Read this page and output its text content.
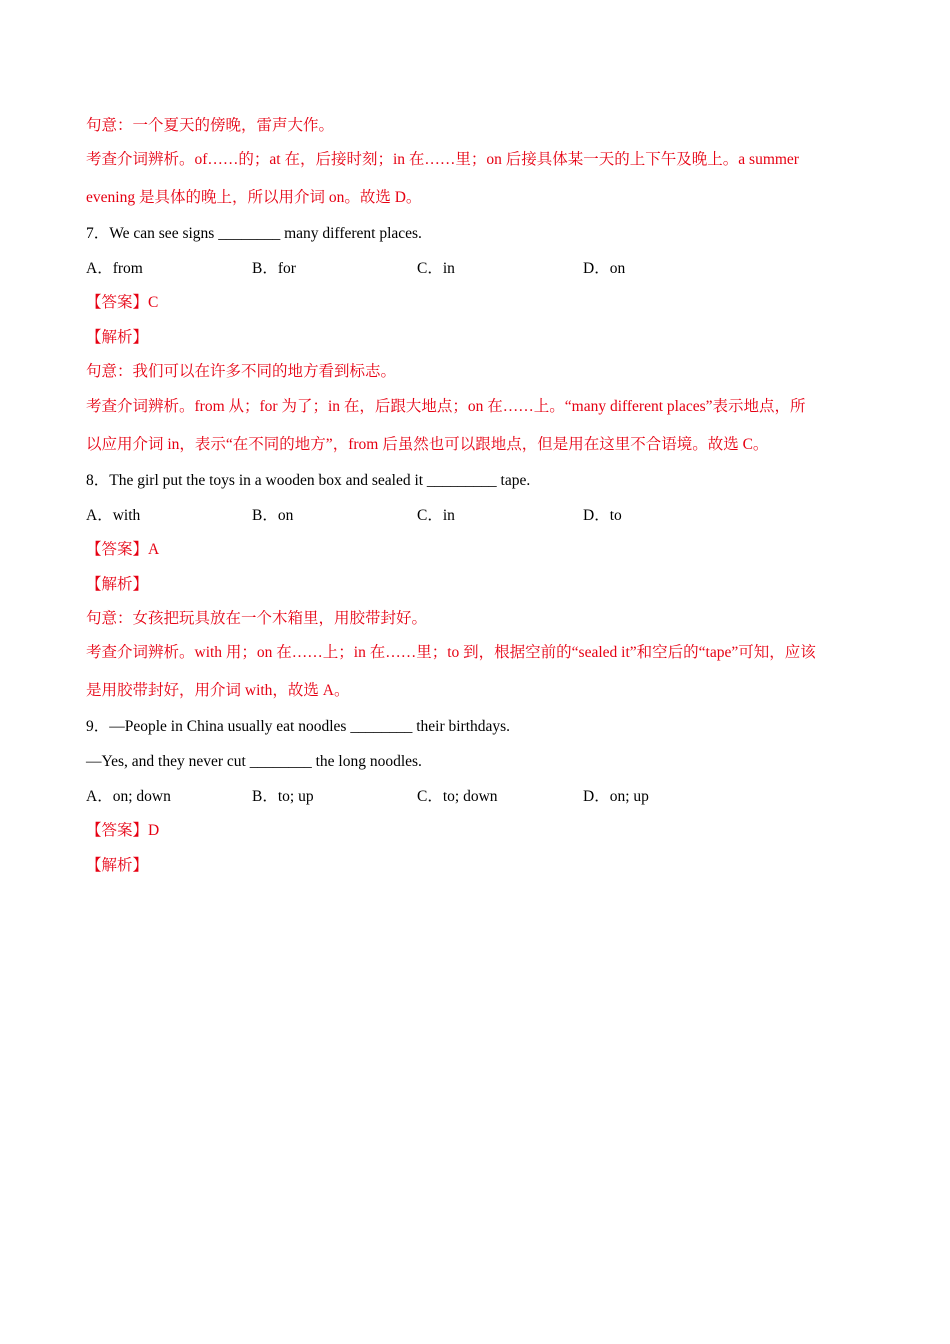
句意：一个夏天的傍晚，雷声大作。
考查介词辨析。of……的；at 在，后接时刻；in 在……里；on 后接具体某一天的上下午及晚上。a summer
evening 是具体的晚上，所以用介词 on。故选 D。
7．We can see signs ________ many different places.
A．from	B．for	C．in	D．on
【答案】C
【解析】
句意：我们可以在许多不同的地方看到标志。
考查介词辨析。from 从；for 为了；in 在，后跟大地点；on 在……上。“many different places”表示地点，所
以应用介词 in，表示“在不同的地方”，from 后虽然也可以跟地点，但是用在这里不合语境。故选 C。
8．The girl put the toys in a wooden box and sealed it _________ tape.
A．with	B．on	C．in	D．to
【答案】A
【解析】
句意：女孩把玩具放在一个木箱里，用胶带封好。
考查介词辨析。with 用；on 在……上；in 在……里；to 到，根据空前的“sealed it”和空后的“tape”可知，应该
是用胶带封好，用介词 with，故选 A。
9．—People in China usually eat noodles ________ their birthdays.
—Yes, and they never cut ________ the long noodles.
A．on; down	B．to; up	C．to; down	D．on; up
【答案】D
【解析】
